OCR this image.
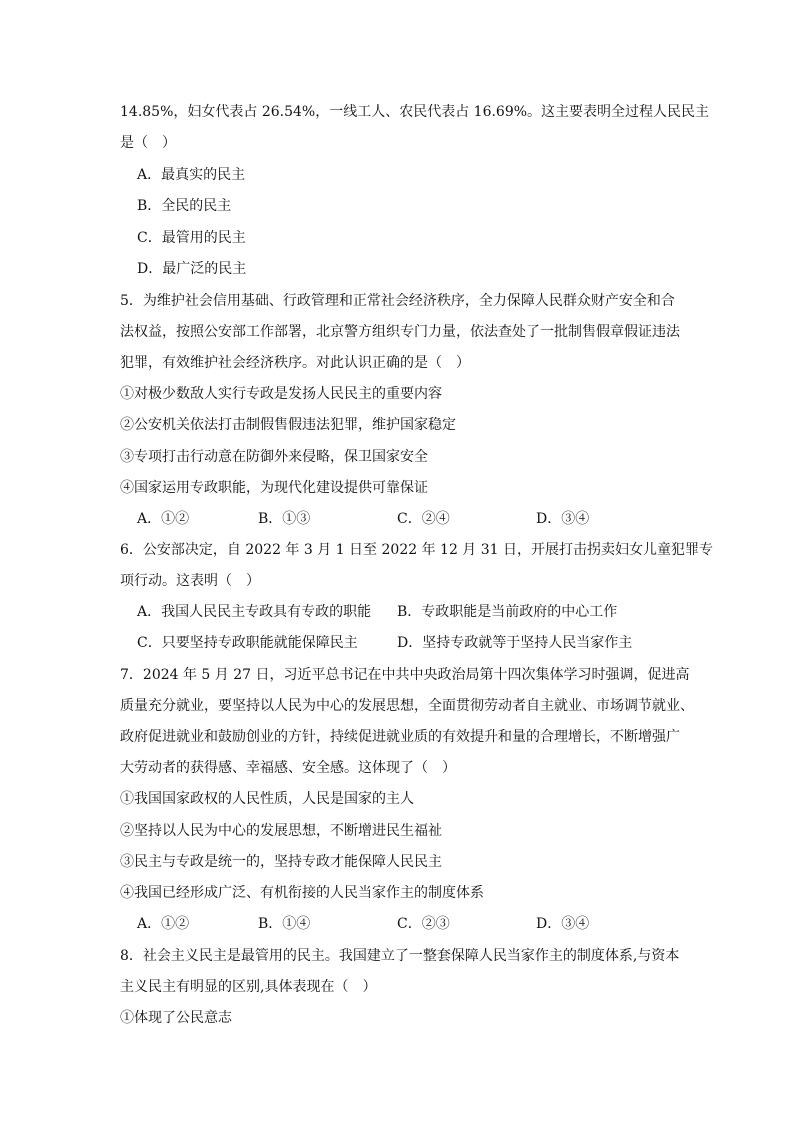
14.85%，妇女代表占 26.54%，一线工人、农民代表占 16.69%。这主要表明全过程人民民主
是（　）
A．最真实的民主
B．全民的民主
C．最管用的民主
D．最广泛的民主
5．为维护社会信用基础、行政管理和正常社会经济秩序，全力保障人民群众财产安全和合
法权益，按照公安部工作部署，北京警方组织专门力量，依法查处了一批制售假章假证违法
犯罪，有效维护社会经济秩序。对此认识正确的是（　）
①对极少数敌人实行专政是发扬人民民主的重要内容
②公安机关依法打击制假售假违法犯罪，维护国家稳定
③专项打击行动意在防御外来侵略，保卫国家安全
④国家运用专政职能，为现代化建设提供可靠保证
A．①②	B．①③	C．②④	D．③④
6．公安部决定，自 2022 年 3 月 1 日至 2022 年 12 月 31 日，开展打击拐卖妇女儿童犯罪专
项行动。这表明（　）
A．我国人民民主专政具有专政的职能 B．专政职能是当前政府的中心工作
C．只要坚持专政职能就能保障民主	D．坚持专政就等于坚持人民当家作主
7．2024 年 5 月 27 日，习近平总书记在中共中央政治局第十四次集体学习时强调，促进高
质量充分就业，要坚持以人民为中心的发展思想，全面贯彻劳动者自主就业、市场调节就业、
政府促进就业和鼓励创业的方针，持续促进就业质的有效提升和量的合理增长，不断增强广
大劳动者的获得感、幸福感、安全感。这体现了（　）
①我国国家政权的人民性质，人民是国家的主人
②坚持以人民为中心的发展思想，不断增进民生福祉
③民主与专政是统一的，坚持专政才能保障人民民主
④我国已经形成广泛、有机衔接的人民当家作主的制度体系
A．①②	B．①④	C．②③	D．③④
8．社会主义民主是最管用的民主。我国建立了一整套保障人民当家作主的制度体系,与资本
主义民主有明显的区别,具体表现在（　）
①体现了公民意志
